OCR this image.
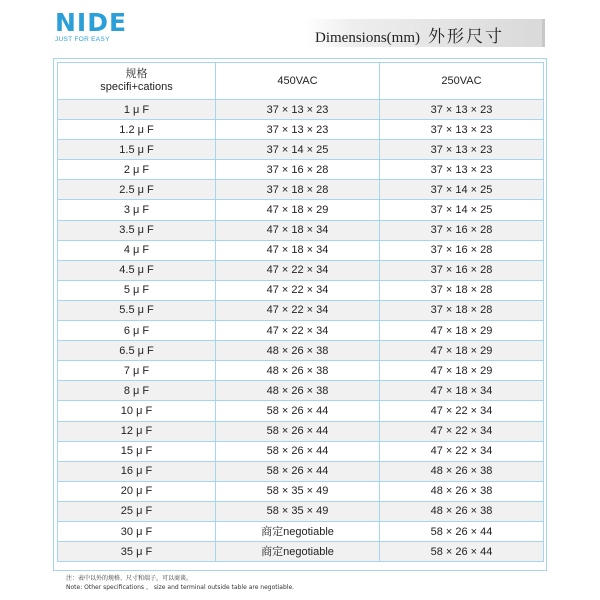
NIDE
JUST FOR EASY	Dimensions(mm) 外形尺寸
规格
specifi+cations	450VAC	250VAC
1 μ F	37 × 13 × 23	37 × 13 × 23
1.2 μ F	37 × 13 × 23	37 × 13 × 23
1.5 μ F	37 × 14 × 25	37 × 13 × 23
2 μ F	37 × 16 × 28	37 × 13 × 23
2.5 μ F	37 × 18 × 28	37 × 14 × 25
3 μ F	47 × 18 × 29	37 × 14 × 25
3.5 μ F	47 × 18 × 34	37 × 16 × 28
4 μ F	47 × 18 × 34	37 × 16 × 28
4.5 μ F	47 × 22 × 34	37 × 16 × 28
5 μ F	47 × 22 × 34	37 × 18 × 28
5.5 μ F	47 × 22 × 34	37 × 18 × 28
6 μ F	47 × 22 × 34	47 × 18 × 29
6.5 μ F	48 × 26 × 38	47 × 18 × 29
7 μ F	48 × 26 × 38	47 × 18 × 29
8 μ F	48 × 26 × 38	47 × 18 × 34
10 μ F	58 × 26 × 44	47 × 22 × 34
12 μ F	58 × 26 × 44	47 × 22 × 34
15 μ F	58 × 26 × 44	47 × 22 × 34
16 μ F	58 × 26 × 44	48 × 26 × 38
20 μ F	58 × 35 × 49	48 × 26 × 38
25 μ F	58 × 35 × 49	48 × 26 × 38
30 μ F	商定negotiable	58 × 26 × 44
35 μ F	商定negotiable	58 × 26 × 44
注：表中以外的规格、尺寸和端子，可以商谈。
Note: Other specifications ， size and terminal outside table are negotiable.
